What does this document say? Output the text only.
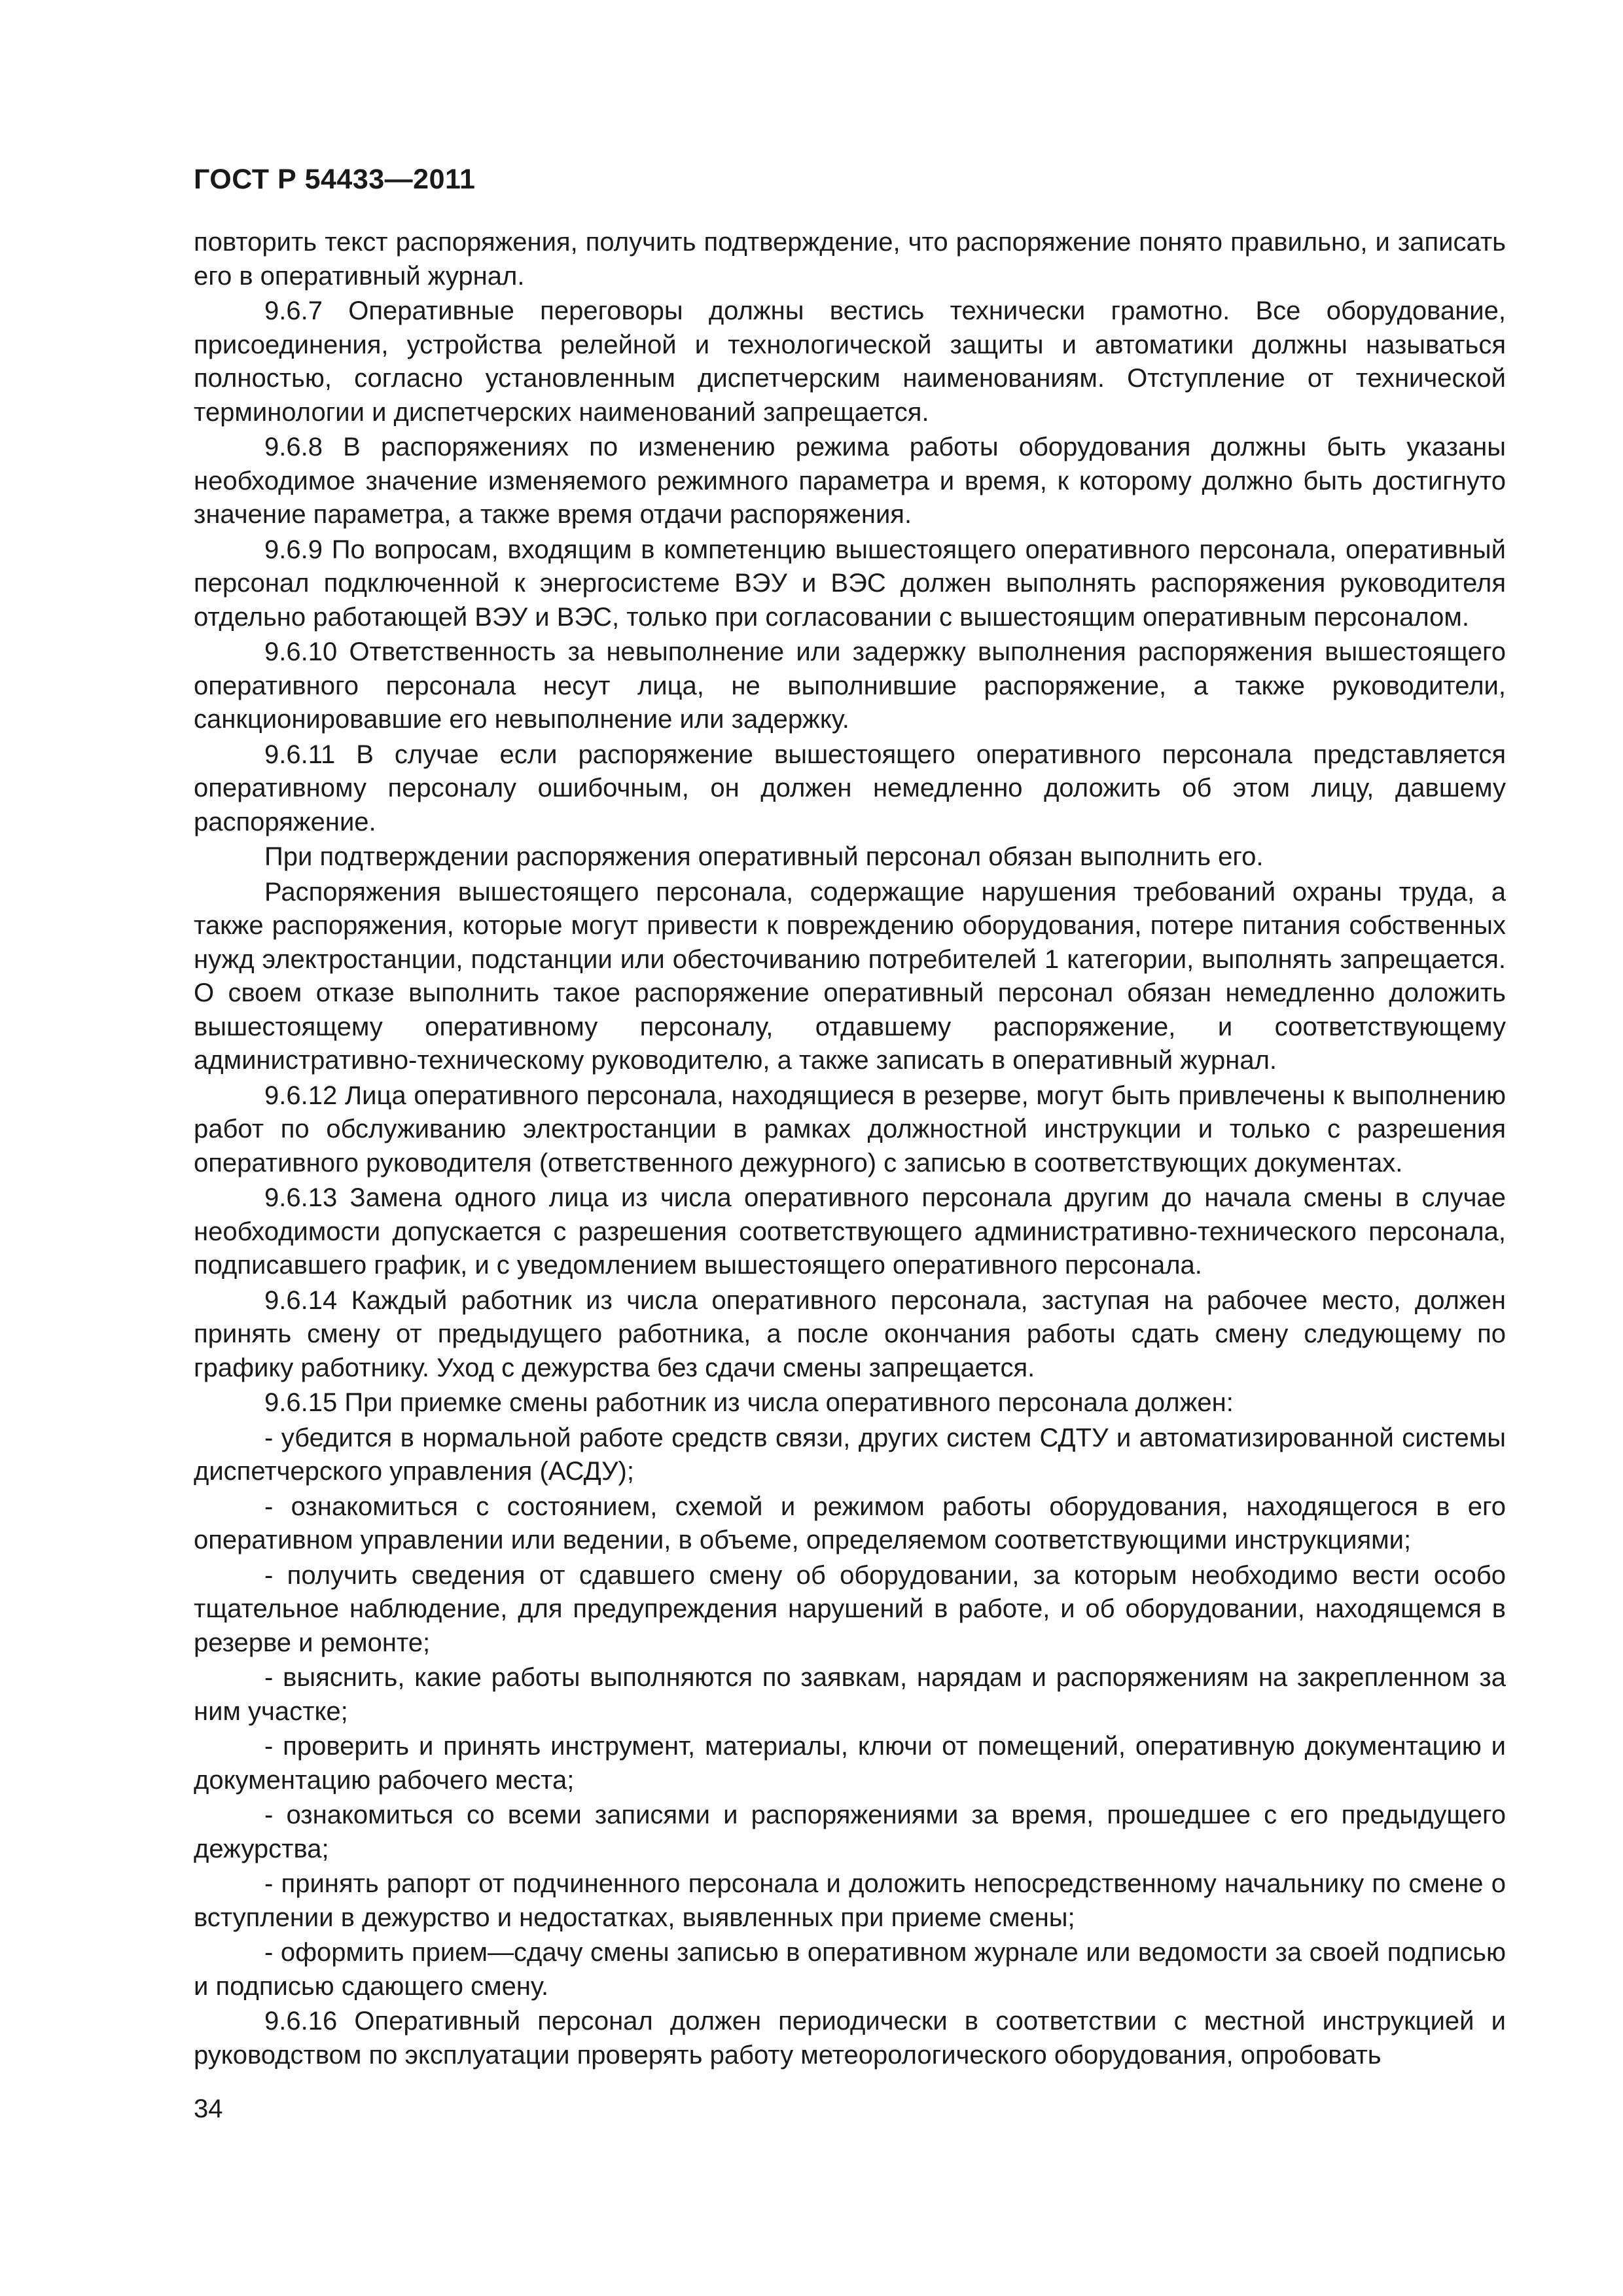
ГОСТ Р 54433—2011

повторить текст распоряжения, получить подтверждение, что распоряжение понято правильно, и записать его в оперативный журнал.

9.6.7 Оперативные переговоры должны вестись технически грамотно. Все оборудование, присоединения, устройства релейной и технологической защиты и автоматики должны называться полностью, согласно установленным диспетчерским наименованиям. Отступление от технической терминологии и диспетчерских наименований запрещается.

9.6.8 В распоряжениях по изменению режима работы оборудования должны быть указаны необходимое значение изменяемого режимного параметра и время, к которому должно быть достигнуто значение параметра, а также время отдачи распоряжения.

9.6.9 По вопросам, входящим в компетенцию вышестоящего оперативного персонала, оперативный персонал подключенной к энергосистеме ВЭУ и ВЭС должен выполнять распоряжения руководителя отдельно работающей ВЭУ и ВЭС, только при согласовании с вышестоящим оперативным персоналом.

9.6.10 Ответственность за невыполнение или задержку выполнения распоряжения вышестоящего оперативного персонала несут лица, не выполнившие распоряжение, а также руководители, санкционировавшие его невыполнение или задержку.

9.6.11 В случае если распоряжение вышестоящего оперативного персонала представляется оперативному персоналу ошибочным, он должен немедленно доложить об этом лицу, давшему распоряжение.

При подтверждении распоряжения оперативный персонал обязан выполнить его.

Распоряжения вышестоящего персонала, содержащие нарушения требований охраны труда, а также распоряжения, которые могут привести к повреждению оборудования, потере питания собственных нужд электростанции, подстанции или обесточиванию потребителей 1 категории, выполнять запрещается. О своем отказе выполнить такое распоряжение оперативный персонал обязан немедленно доложить вышестоящему оперативному персоналу, отдавшему распоряжение, и соответствующему административно-техническому руководителю, а также записать в оперативный журнал.

9.6.12 Лица оперативного персонала, находящиеся в резерве, могут быть привлечены к выполнению работ по обслуживанию электростанции в рамках должностной инструкции и только с разрешения оперативного руководителя (ответственного дежурного) с записью в соответствующих документах.

9.6.13 Замена одного лица из числа оперативного персонала другим до начала смены в случае необходимости допускается с разрешения соответствующего административно-технического персонала, подписавшего график, и с уведомлением вышестоящего оперативного персонала.

9.6.14 Каждый работник из числа оперативного персонала, заступая на рабочее место, должен принять смену от предыдущего работника, а после окончания работы сдать смену следующему по графику работнику. Уход с дежурства без сдачи смены запрещается.

9.6.15 При приемке смены работник из числа оперативного персонала должен:

- убедится в нормальной работе средств связи, других систем СДТУ и автоматизированной системы диспетчерского управления (АСДУ);

- ознакомиться с состоянием, схемой и режимом работы оборудования, находящегося в его оперативном управлении или ведении, в объеме, определяемом соответствующими инструкциями;

- получить сведения от сдавшего смену об оборудовании, за которым необходимо вести особо тщательное наблюдение, для предупреждения нарушений в работе, и об оборудовании, находящемся в резерве и ремонте;

- выяснить, какие работы выполняются по заявкам, нарядам и распоряжениям на закрепленном за ним участке;

- проверить и принять инструмент, материалы, ключи от помещений, оперативную документацию и документацию рабочего места;

- ознакомиться со всеми записями и распоряжениями за время, прошедшее с его предыдущего дежурства;

- принять рапорт от подчиненного персонала и доложить непосредственному начальнику по смене о вступлении в дежурство и недостатках, выявленных при приеме смены;

- оформить прием—сдачу смены записью в оперативном журнале или ведомости за своей подписью и подписью сдающего смену.

9.6.16 Оперативный персонал должен периодически в соответствии с местной инструкцией и руководством по эксплуатации проверять работу метеорологического оборудования, опробовать

34
